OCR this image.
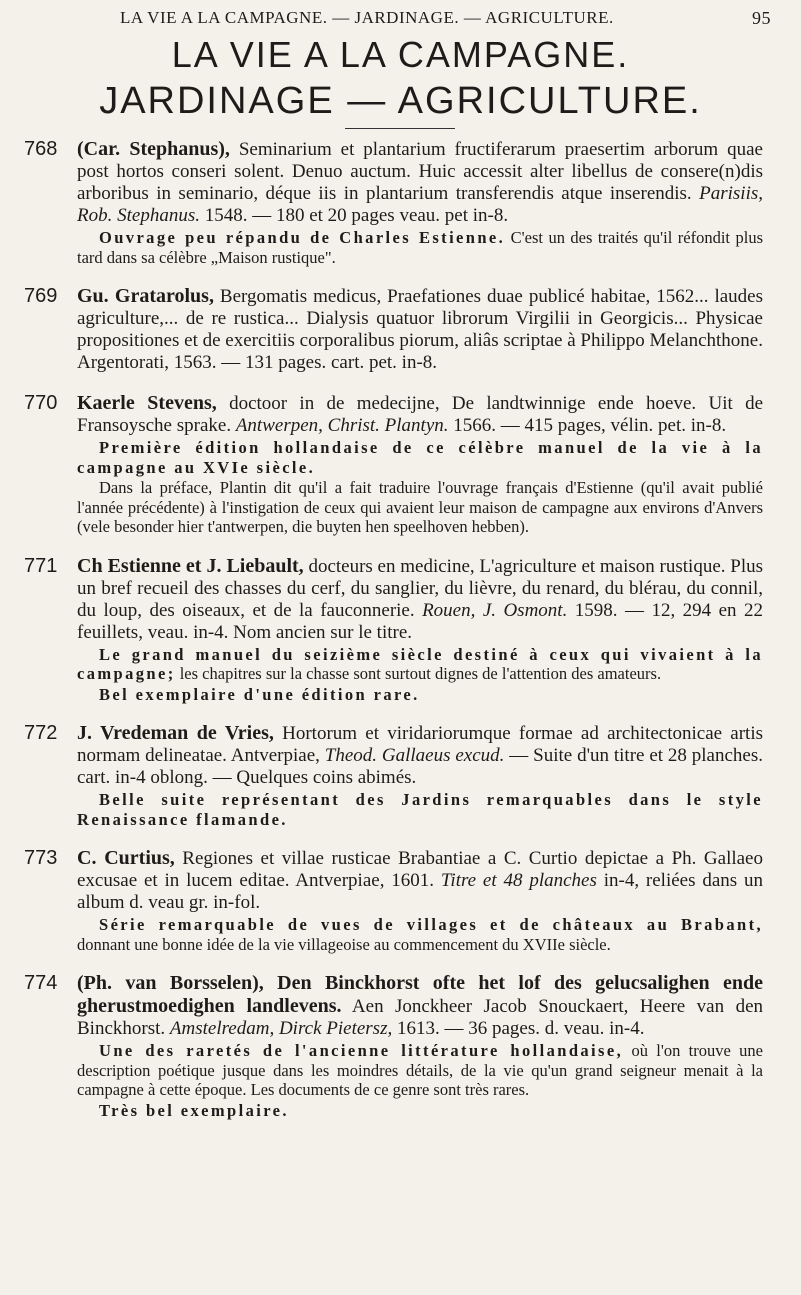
LA VIE A LA CAMPAGNE. — JARDINAGE. — AGRICULTURE.	95
LA VIE A LA CAMPAGNE.
JARDINAGE — AGRICULTURE.
768 (Car. Stephanus), Seminarium et plantarium fructiferarum praesertim arborum quae post hortos conseri solent. Denuo auctum. Huic accessit alter libellus de consere(n)dis arboribus in seminario, déque iis in plantarium transferendis atque inserendis. Parisiis, Rob. Stephanus. 1548. — 180 et 20 pages veau. pet in-8.

Ouvrage peu répandu de Charles Estienne. C'est un des traités qu'il réfondit plus tard dans sa célèbre „Maison rustique".

769 Gu. Gratarolus, Bergomatis medicus, Praefationes duae publicé habitae, 1562... laudes agriculture,... de re rustica... Dialysis quatuor librorum Virgilii in Georgicis... Physicae propositiones et de exercitiis corporalibus piorum, aliâs scriptae à Philippo Melanchthone. Argentorati, 1563. — 131 pages. cart. pet. in-8.
770 Kaerle Stevens, doctoor in de medecijne, De landtwinnige ende hoeve. Uit de Fransoysche sprake. Antwerpen, Christ. Plantyn. 1566. — 415 pages, vélin. pet. in-8.

Première édition hollandaise de ce célèbre manuel de la vie à la campagne au XVIe siècle.

Dans la préface, Plantin dit qu'il a fait traduire l'ouvrage français d'Estienne (qu'il avait publié l'année précédente) à l'instigation de ceux qui avaient leur maison de campagne aux environs d'Anvers (vele besonder hier t'antwerpen, die buyten hen speelhoven hebben).

771 Ch Estienne et J. Liebault, docteurs en medicine, L'agriculture et maison rustique. Plus un bref recueil des chasses du cerf, du sanglier, du lièvre, du renard, du blérau, du connil, du loup, des oiseaux, et de la fauconnerie. Rouen, J. Osmont. 1598. — 12, 294 en 22 feuillets, veau. in-4. Nom ancien sur le titre.

Le grand manuel du seizième siècle destiné à ceux qui vivaient à la campagne; les chapitres sur la chasse sont surtout dignes de l'attention des amateurs.

Bel exemplaire d'une édition rare.

772 J. Vredeman de Vries, Hortorum et viridariorumque formae ad architectonicae artis normam delineatae. Antverpiae, Theod. Gallaeus excud. — Suite d'un titre et 28 planches. cart. in-4 oblong. — Quelques coins abimés.

Belle suite représentant des Jardins remarquables dans le style Renaissance flamande.

773 C. Curtius, Regiones et villae rusticae Brabantiae a C. Curtio depictae a Ph. Gallaeo excusae et in lucem editae. Antverpiae, 1601. Titre et 48 planches in-4, reliées dans un album d. veau gr. in-fol.

Série remarquable de vues de villages et de châteaux au Brabant, donnant une bonne idée de la vie villageoise au commencement du XVIIe siècle.

774 (Ph. van Borsselen), Den Binckhorst ofte het lof des gelucsalighen ende gherustmoedighen landlevens. Aen Jonckheer Jacob Snouckaert, Heere van den Binckhorst. Amstelredam, Dirck Pietersz, 1613. — 36 pages. d. veau. in-4.

Une des raretés de l'ancienne littérature hollandaise, où l'on trouve une description poétique jusque dans les moindres détails, de la vie qu'un grand seigneur menait à la campagne à cette époque. Les documents de ce genre sont très rares.

Très bel exemplaire.
